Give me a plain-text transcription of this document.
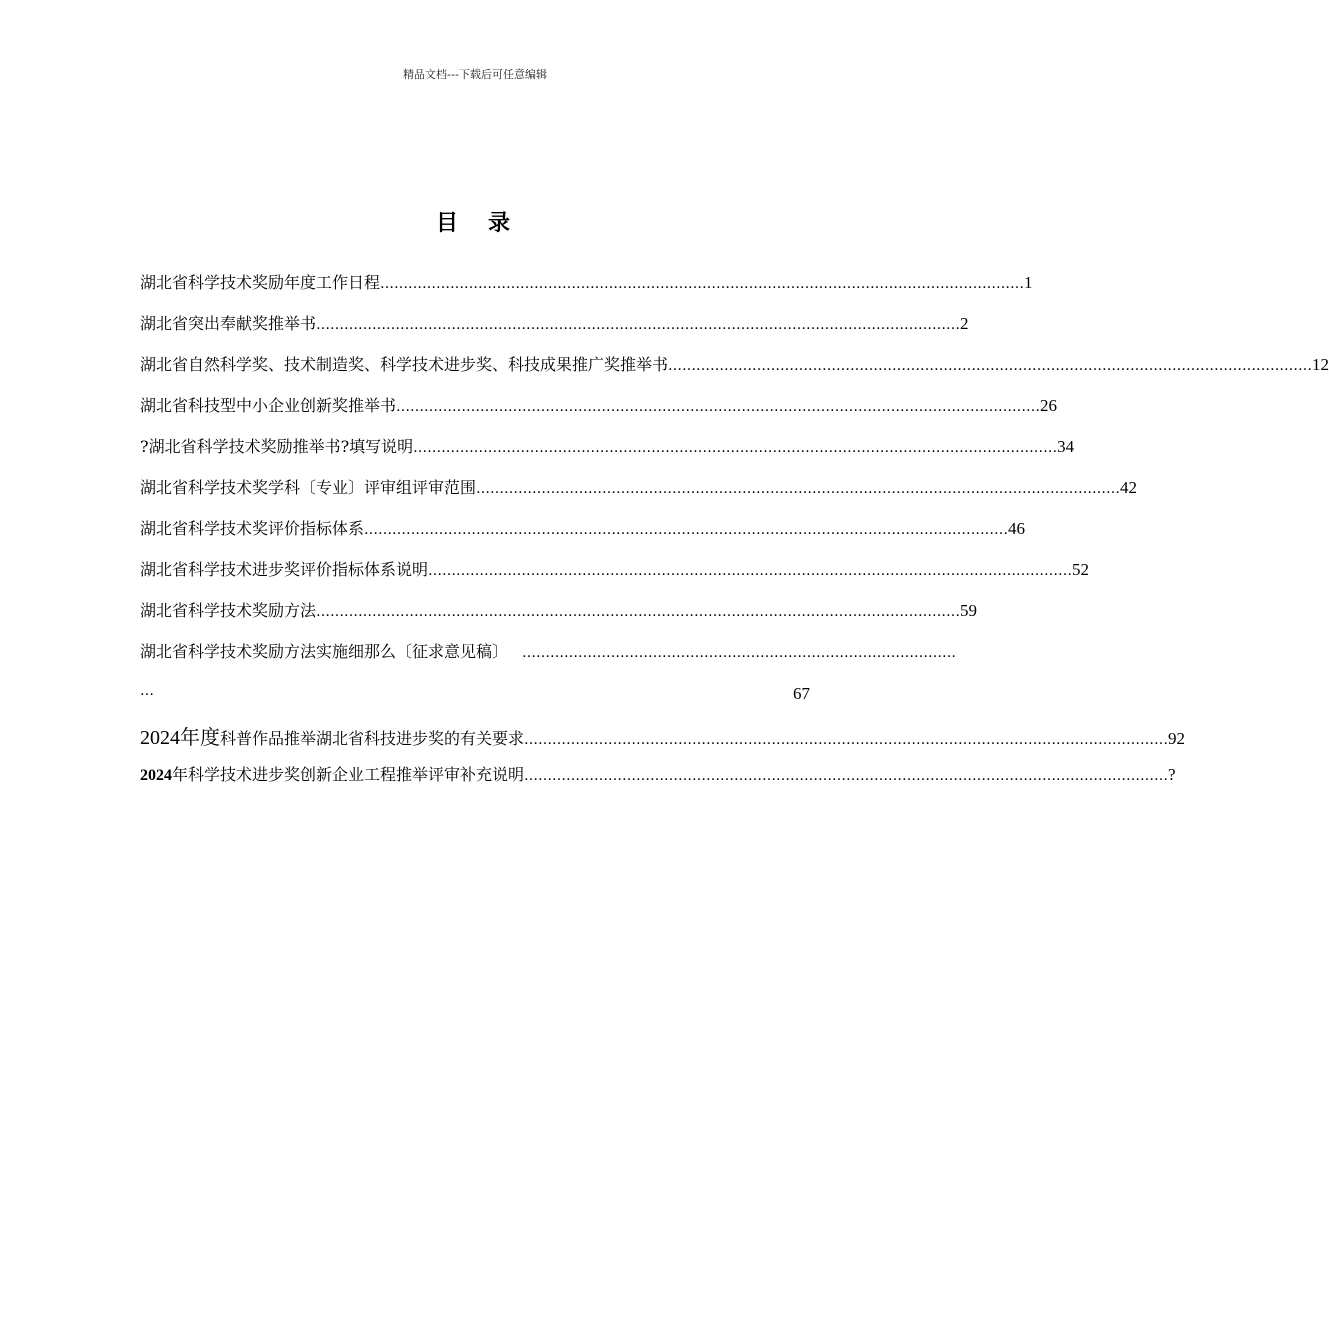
精品文档---下载后可任意编辑
目　录
湖北省科学技术奖励年度工作日程 ………………………………………………………………………………………………………………………… 1
湖北省突出奉献奖推举书 ………………………………………………………………………………………………………………………… 2
湖北省自然科学奖、技术制造奖、科学技术进步奖、科技成果推广奖推举书 ………………………………………………………………………………………………………………………… 12
湖北省科技型中小企业创新奖推举书 ………………………………………………………………………………………………………………………… 26
?湖北省科学技术奖励推举书?填写说明 ………………………………………………………………………………………………………………………… 34
湖北省科学技术奖学科〔专业〕评审组评审范围 ………………………………………………………………………………………………………………………… 42
湖北省科学技术奖评价指标体系 ………………………………………………………………………………………………………………………… 46
湖北省科学技术进步奖评价指标体系说明 ………………………………………………………………………………………………………………………… 52
湖北省科学技术奖励方法 ………………………………………………………………………………………………………………………… 59
湖北省科学技术奖励方法实施细那么〔征求意见稿〕	…………………………………………………………………………………
…	67
2024年度科普作品推举湖北省科技进步奖的有关要求 ………………………………………………………………………………………………………………………… 92
2024年科学技术进步奖创新企业工程推举评审补充说明 ………………………………………………………………………………………………………………………… ?
